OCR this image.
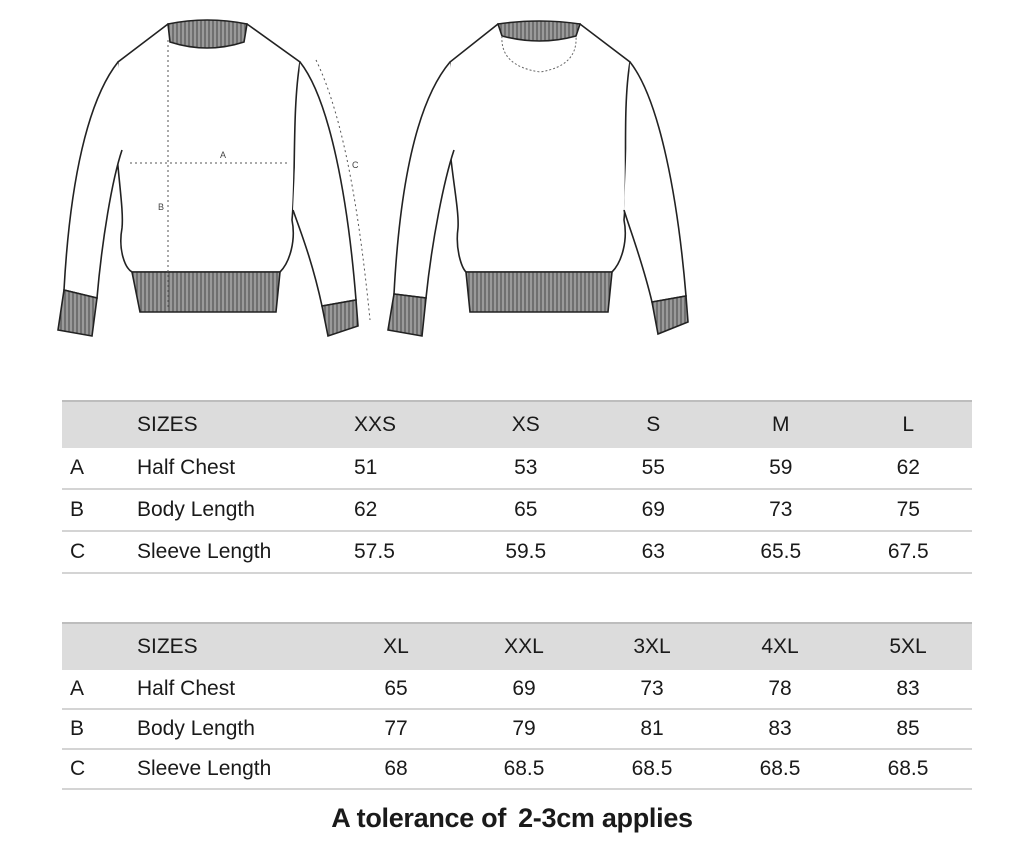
A
B
C
SIZES	XXS	XS	S	M	L
A	Half Chest	51	53	55	59	62
B	Body Length	62	65	69	73	75
C	Sleeve Length	57.5	59.5	63	65.5	67.5
SIZES	XL	XXL	3XL	4XL	5XL
A	Half Chest	65	69	73	78	83
B	Body Length	77	79	81	83	85
C	Sleeve Length	68	68.5	68.5	68.5	68.5
A tolerance of 2-3cm applies
